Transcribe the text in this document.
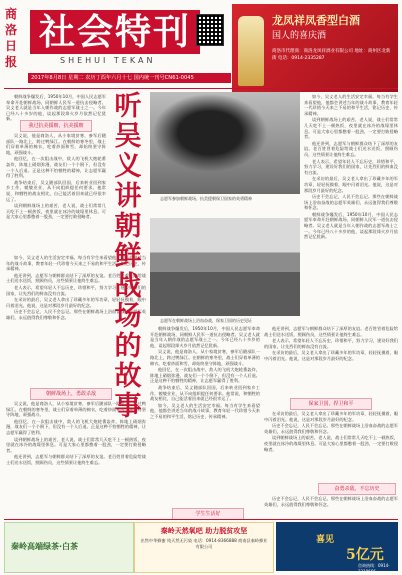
商洛日报
社会特刊
SHEHUI TEKAN
2017年8月8日 星期二 农历丁酉年六月十七 国内统一刊号CN61-0045
龙凤祥凤香型白酒
国人的喜庆酒
商洛市代理商：商洛龙凤祥酒业有限公司 地址：商州区北新街 电话：0914-2335287

朝鲜战争爆发后，1950年10月，中国人民志愿军奉命开赴朝鲜战场，同朝鲜人民军一道抗击侵略者。吴义老人就是当年入朝作战的志愿军战士之一。今年已经八十多岁的他，谈起那段烽火岁月依然记忆犹新。

我过抗美援朝，抗美援朝

吴义说，他是商洛人，从小家境贫寒，参军后随部队一路北上，跨过鸭绿江。在朝鲜的寒冬里，战士们穿着单薄的棉衣，吃着炒面和雪，却始终坚守阵地，顽强战斗。

他回忆，在一次阻击战中，敌人的飞机大炮轮番轰炸，阵地上硝烟弥漫，战友们一个个倒下，但没有一个人后退。正是这种不怕牺牲的精神，让志愿军赢得了胜利。

战争结束后，吴义随部队回国，后来转业回到家乡工作，兢兢业业，从不向组织提任何要求。他常说，和牺牲的战友相比，自己能活着回来就已经很幸运了。

谈到朝鲜战场上的艰苦，老人说，战士们常常几天吃不上一顿热饭，夜里就在冰冷的战壕里休息。可是大家心里都憋着一股劲，一定要打败侵略者。

如今，吴义老人的生活安定幸福。每当有学生来看望他，他都会讲述当年的战斗故事，教育年轻一代珍惜今天来之不易的和平生活，铭记历史，传承精神。

他还讲到，志愿军与朝鲜群众结下了深厚的友谊。老百姓冒着危险给战士们送水送饭，照顾伤员，这些情景让他终生难忘。

老人表示，希望年轻人不忘历史，珍惜和平，努力学习，建设好我们的国家，让先烈们的鲜血没有白流。

在采访的最后，吴义老人拿出了珍藏多年的军功章，轻轻抚摸着，眼中闪着泪光。他说，这是对那段岁月最好的纪念。

历史不会忘记，人民不会忘记。那些在朝鲜战场上浴血奋战的志愿军英雄们，永远值得我们尊敬和怀念。

朝鲜战场上，勇敢杀敌

吴义说，他是商洛人，从小家境贫寒，参军后随部队一路北上，跨过鸭绿江。在朝鲜的寒冬里，战士们穿着单薄的棉衣，吃着炒面和雪，却始终坚守阵地，顽强战斗。

他回忆，在一次阻击战中，敌人的飞机大炮轮番轰炸，阵地上硝烟弥漫，战友们一个个倒下，但没有一个人后退。正是这种不怕牺牲的精神，让志愿军赢得了胜利。

谈到朝鲜战场上的艰苦，老人说，战士们常常几天吃不上一顿热饭，夜里就在冰冷的战壕里休息。可是大家心里都憋着一股劲，一定要打败侵略者。

他还讲到，志愿军与朝鲜群众结下了深厚的友谊。老百姓冒着危险给战士们送水送饭，照顾伤员，这些情景让他终生难忘。

听吴义讲朝鲜战场的故事
志愿军参加朝鲜战场，抗美援朝保卫国家的英勇精神
志愿军在朝鲜战场上浴血奋战，保家卫国的历史见证

如今，吴义老人的生活安定幸福。每当有学生来看望他，他都会讲述当年的战斗故事，教育年轻一代珍惜今天来之不易的和平生活，铭记历史，传承精神。

谈到朝鲜战场上的艰苦，老人说，战士们常常几天吃不上一顿热饭，夜里就在冰冷的战壕里休息。可是大家心里都憋着一股劲，一定要打败侵略者。

他还讲到，志愿军与朝鲜群众结下了深厚的友谊。老百姓冒着危险给战士们送水送饭，照顾伤员，这些情景让他终生难忘。

老人表示，希望年轻人不忘历史，珍惜和平，努力学习，建设好我们的国家，让先烈们的鲜血没有白流。

在采访的最后，吴义老人拿出了珍藏多年的军功章，轻轻抚摸着，眼中闪着泪光。他说，这是对那段岁月最好的纪念。

历史不会忘记，人民不会忘记。那些在朝鲜战场上浴血奋战的志愿军英雄们，永远值得我们尊敬和怀念。

朝鲜战争爆发后，1950年10月，中国人民志愿军奉命开赴朝鲜战场，同朝鲜人民军一道抗击侵略者。吴义老人就是当年入朝作战的志愿军战士之一。今年已经八十多岁的他，谈起那段烽火岁月依然记忆犹新。

朝鲜战争爆发后，1950年10月，中国人民志愿军奉命开赴朝鲜战场，同朝鲜人民军一道抗击侵略者。吴义老人就是当年入朝作战的志愿军战士之一。今年已经八十多岁的他，谈起那段烽火岁月依然记忆犹新。

吴义说，他是商洛人，从小家境贫寒，参军后随部队一路北上，跨过鸭绿江。在朝鲜的寒冬里，战士们穿着单薄的棉衣，吃着炒面和雪，却始终坚守阵地，顽强战斗。

他回忆，在一次阻击战中，敌人的飞机大炮轮番轰炸，阵地上硝烟弥漫，战友们一个个倒下，但没有一个人后退。正是这种不怕牺牲的精神，让志愿军赢得了胜利。

战争结束后，吴义随部队回国，后来转业回到家乡工作，兢兢业业，从不向组织提任何要求。他常说，和牺牲的战友相比，自己能活着回来就已经很幸运了。

如今，吴义老人的生活安定幸福。每当有学生来看望他，他都会讲述当年的战斗故事，教育年轻一代珍惜今天来之不易的和平生活，铭记历史，传承精神。

学生生活好

他还讲到，志愿军与朝鲜群众结下了深厚的友谊。老百姓冒着危险给战士们送水送饭，照顾伤员，这些情景让他终生难忘。

老人表示，希望年轻人不忘历史，珍惜和平，努力学习，建设好我们的国家，让先烈们的鲜血没有白流。

在采访的最后，吴义老人拿出了珍藏多年的军功章，轻轻抚摸着，眼中闪着泪光。他说，这是对那段岁月最好的纪念。

保家卫国，捍卫和平

在采访的最后，吴义老人拿出了珍藏多年的军功章，轻轻抚摸着，眼中闪着泪光。他说，这是对那段岁月最好的纪念。

历史不会忘记，人民不会忘记。那些在朝鲜战场上浴血奋战的志愿军英雄们，永远值得我们尊敬和怀念。

谈到朝鲜战场上的艰苦，老人说，战士们常常几天吃不上一顿热饭，夜里就在冰冷的战壕里休息。可是大家心里都憋着一股劲，一定要打败侵略者。

奋勇杀敌，不忘历史

历史不会忘记，人民不会忘记。那些在朝鲜战场上浴血奋战的志愿军英雄们，永远值得我们尊敬和怀念。

秦岭高端绿茶·白茶
秦岭天然氧吧 助力脱贫攻坚
出售中华蜂蜜 纯天然无污染 电话：0914-8366888 商南县秦岭蜂业有限公司
喜见
5亿元
咨询热线：0914-2318666
